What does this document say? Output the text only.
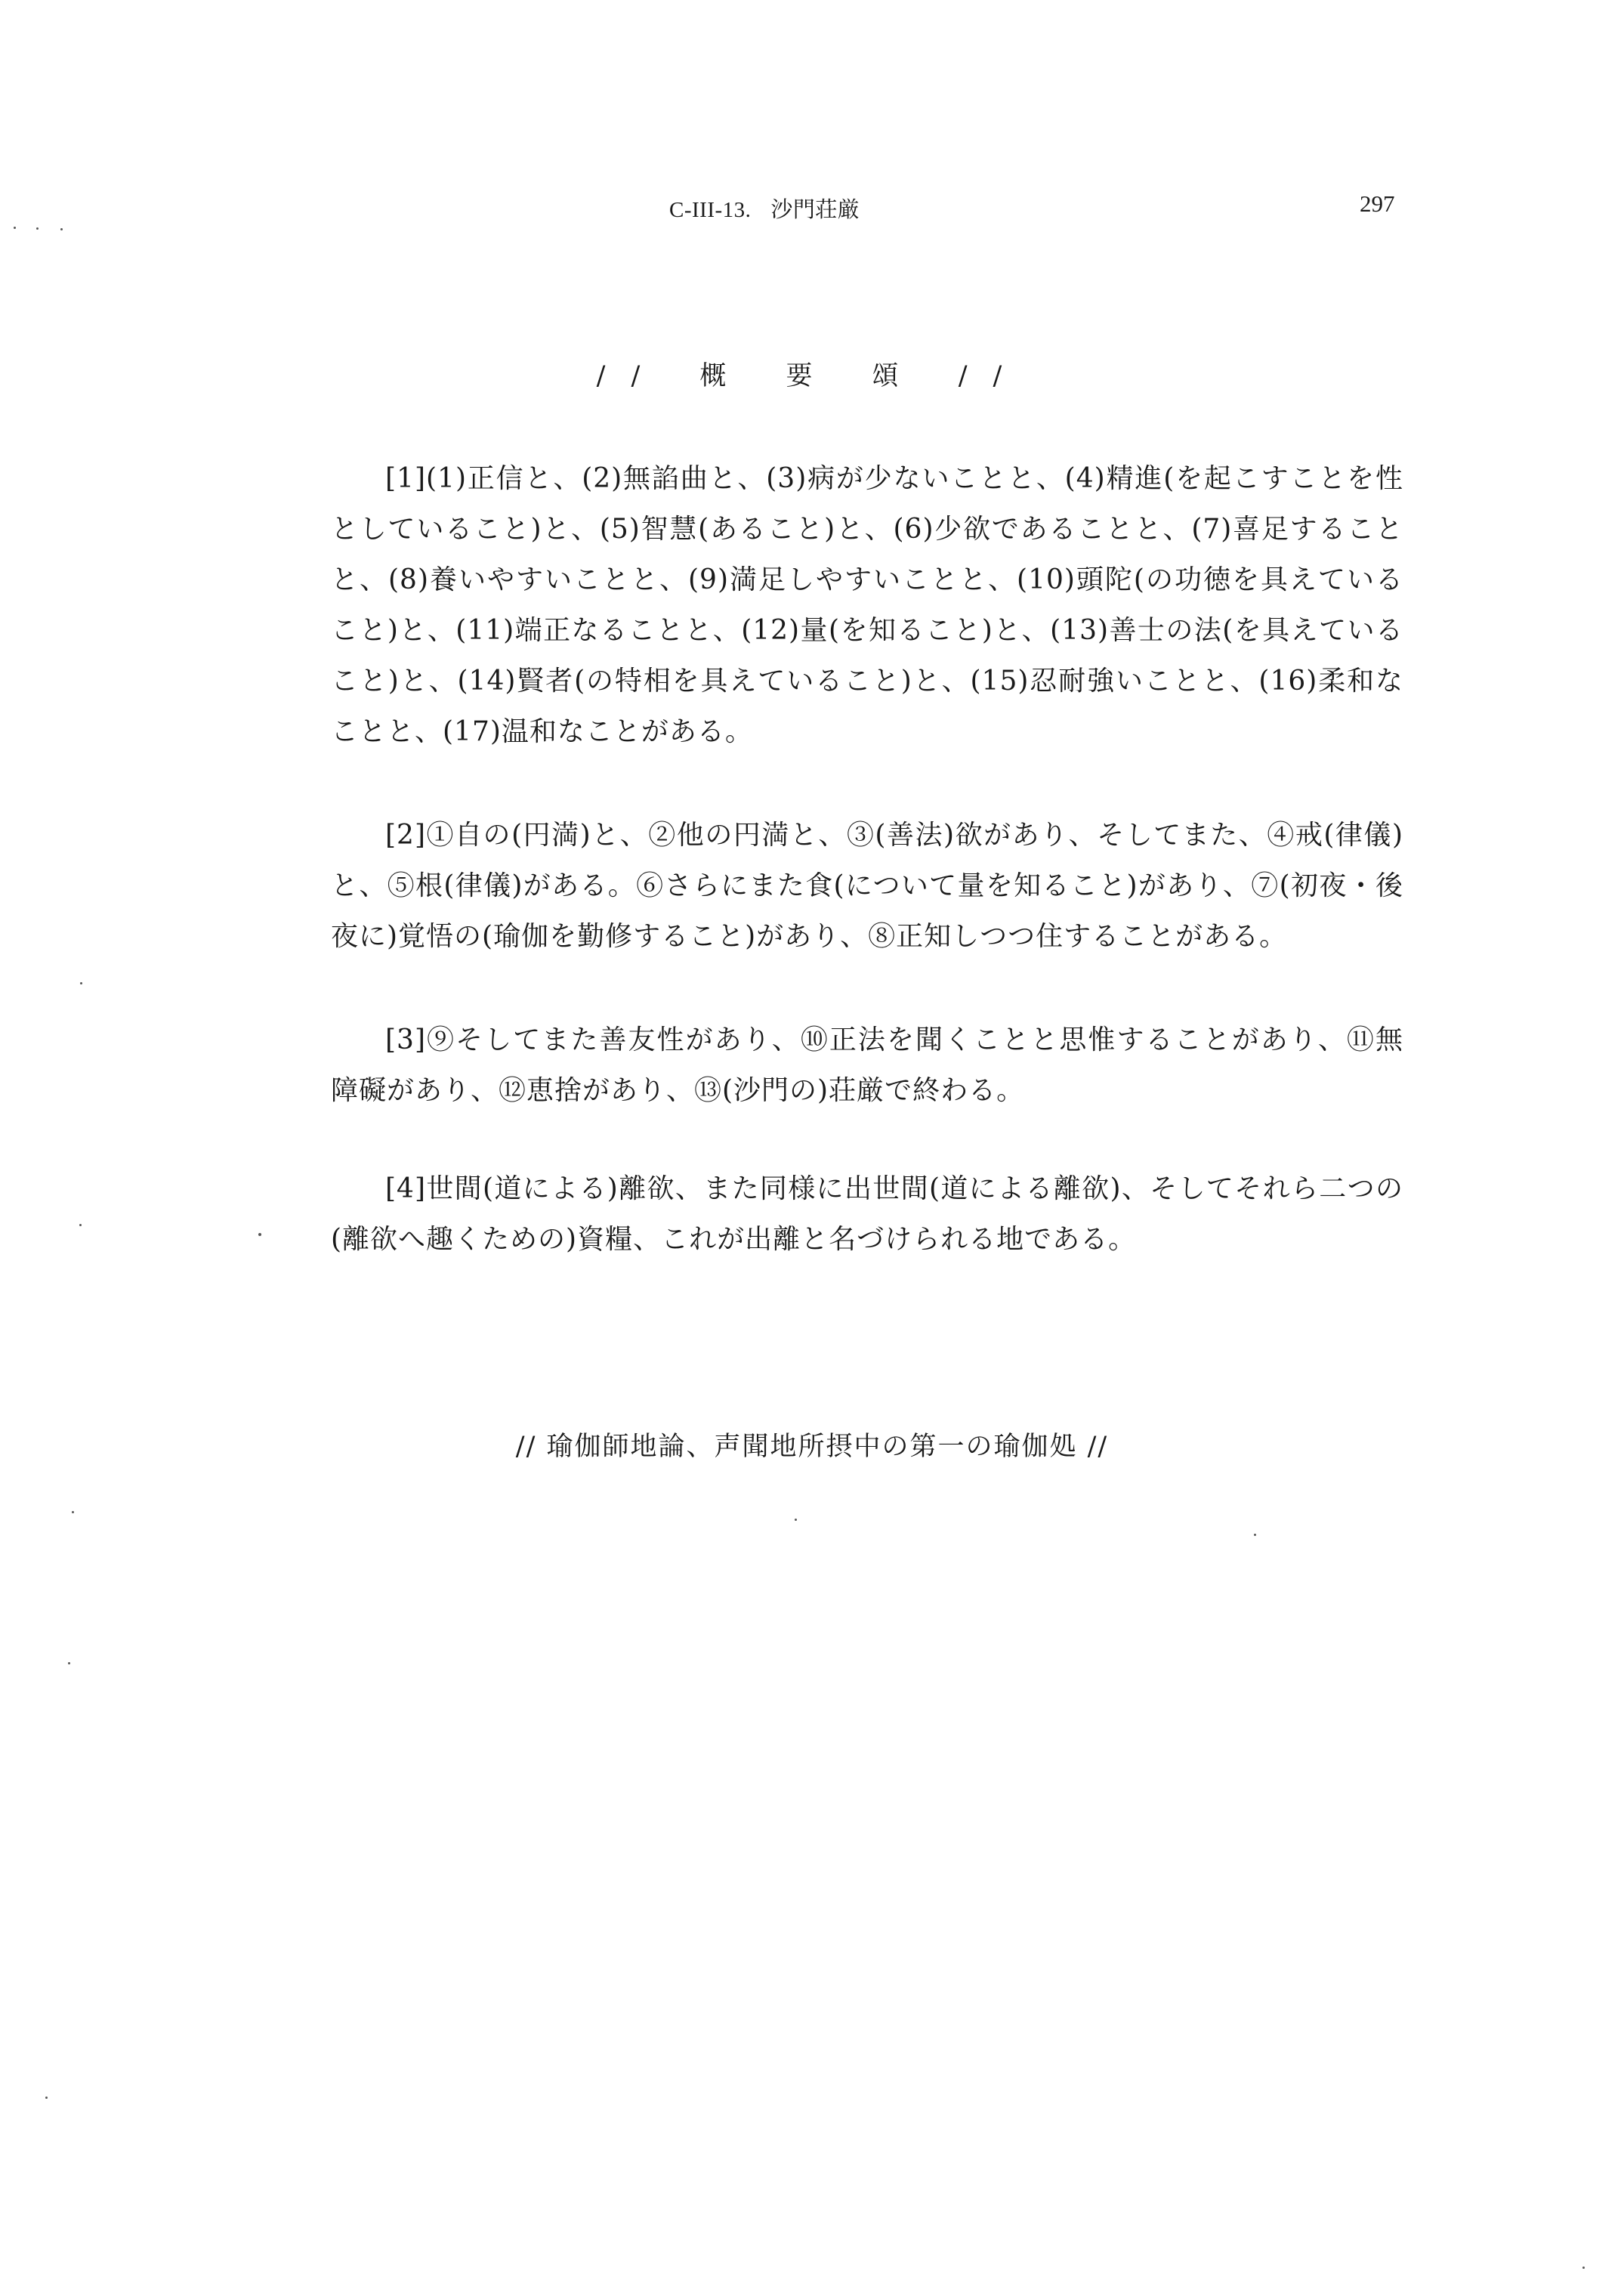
C-III-13. 沙門荘厳	297
// 概 要 頌 //

[1](1)正信と、(2)無諂曲と、(3)病が少ないことと、(4)精進(を起こすことを性としていること)と、(5)智慧(あること)と、(6)少欲であることと、(7)喜足することと、(8)養いやすいことと、(9)満足しやすいことと、(10)頭陀(の功徳を具えていること)と、(11)端正なることと、(12)量(を知ること)と、(13)善士の法(を具えていること)と、(14)賢者(の特相を具えていること)と、(15)忍耐強いことと、(16)柔和なことと、(17)温和なことがある。

[2]①自の(円満)と、②他の円満と、③(善法)欲があり、そしてまた、④戒(律儀)と、⑤根(律儀)がある。⑥さらにまた食(について量を知ること)があり、⑦(初夜・後夜に)覚悟の(瑜伽を勤修すること)があり、⑧正知しつつ住することがある。

[3]⑨そしてまた善友性があり、⑩正法を聞くことと思惟することがあり、⑪無障礙があり、⑫恵捨があり、⑬(沙門の)荘厳で終わる。

[4]世間(道による)離欲、また同様に出世間(道による離欲)、そしてそれら二つの(離欲へ趣くための)資糧、これが出離と名づけられる地である。

// 瑜伽師地論、声聞地所摂中の第一の瑜伽処 //
